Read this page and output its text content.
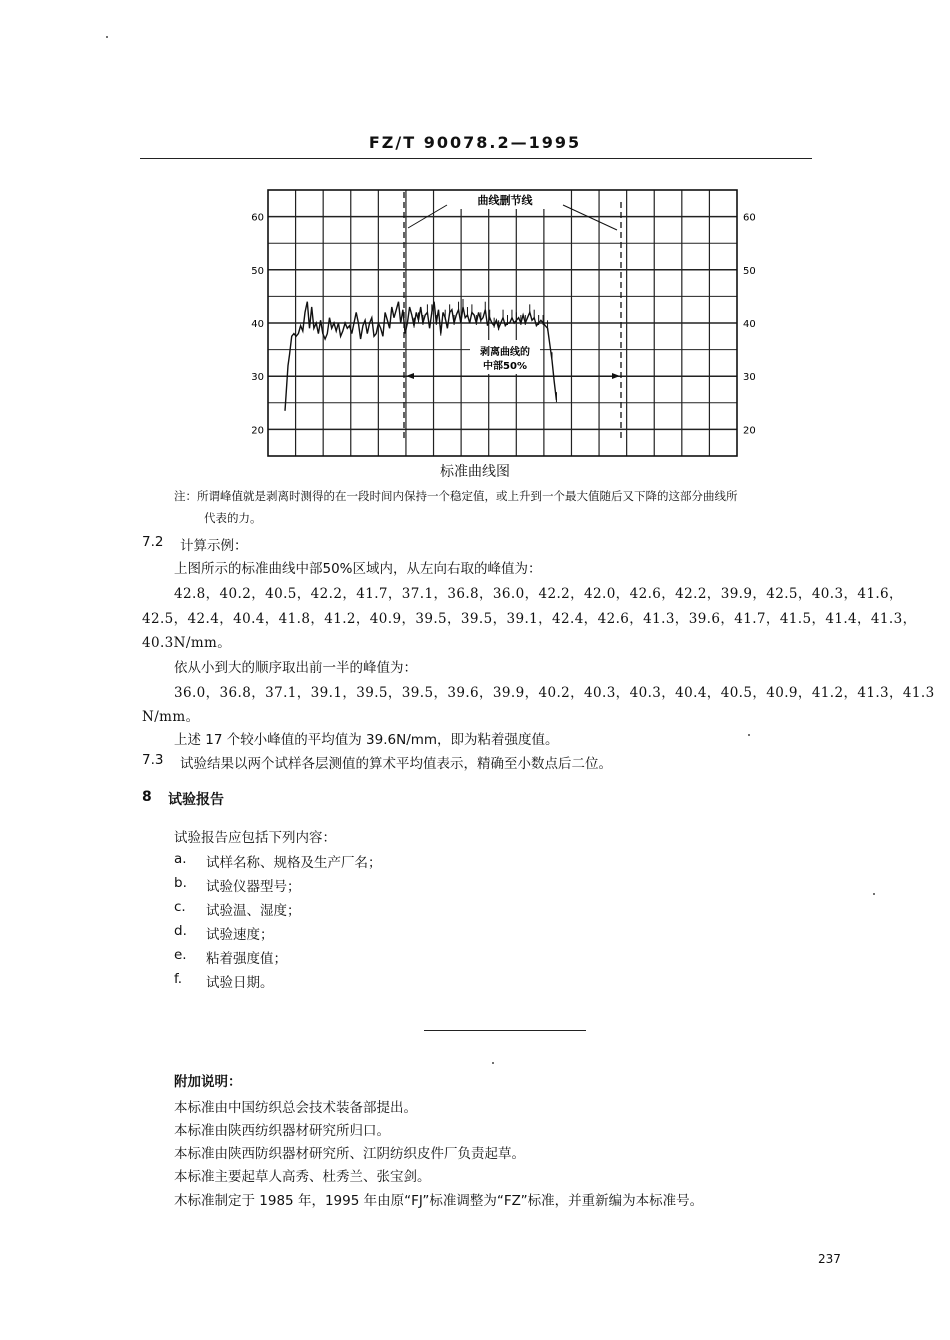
FZ/T 90078.2—1995
20
30
40
50
60
20
30
40
50
60
曲线删节线
剥离曲线的
中部50%
标准曲线图
注：所谓峰值就是剥离时测得的在一段时间内保持一个稳定值，或上升到一个最大值随后又下降的这部分曲线所
代表的力。
7.2 计算示例：
上图所示的标准曲线中部50%区域内，从左向右取的峰值为：
42.8，40.2，40.5，42.2，41.7，37.1，36.8，36.0，42.2，42.0，42.6，42.2，39.9，42.5，40.3，41.6，
42.5，42.4，40.4，41.8，41.2，40.9，39.5，39.5，39.1，42.4，42.6，41.3，39.6，41.7，41.5，41.4，41.3，
40.3N/mm。
依从小到大的顺序取出前一半的峰值为：
36.0，36.8，37.1，39.1，39.5，39.5，39.6，39.9，40.2，40.3，40.3，40.4，40.5，40.9，41.2，41.3，41.3
N/mm。
上述 17 个较小峰值的平均值为 39.6N/mm，即为粘着强度值。
7.3 试验结果以两个试样各层测值的算术平均值表示，精确至小数点后二位。
8 试验报告
试验报告应包括下列内容：
a. 试样名称、规格及生产厂名；
b. 试验仪器型号；
c. 试验温、湿度；
d. 试验速度；
e. 粘着强度值；
f. 试验日期。
附加说明：
本标准由中国纺织总会技术装备部提出。
本标准由陕西纺织器材研究所归口。
本标准由陕西防织器材研究所、江阴纺织皮件厂负责起草。
本标准主要起草人高秀、杜秀兰、张宝剑。
木标准制定于 1985 年，1995 年由原“FJ”标准调整为“FZ”标准，并重新编为本标准号。
237
